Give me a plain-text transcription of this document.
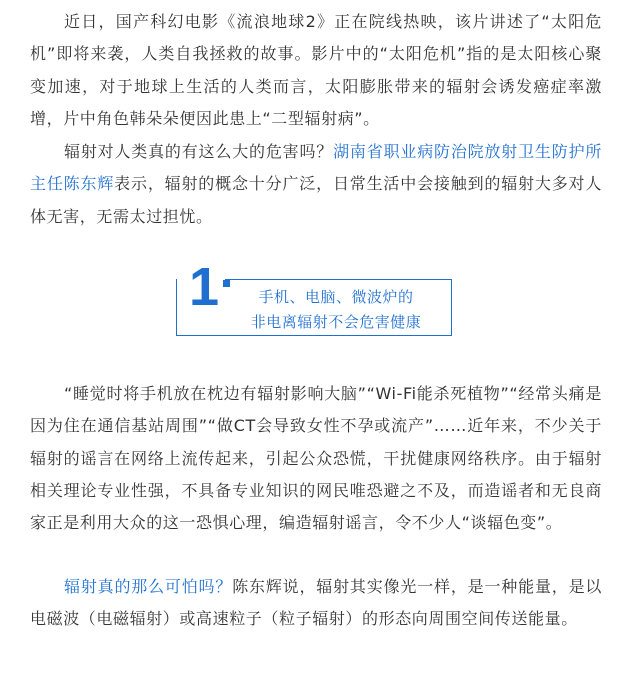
近日，国产科幻电影《流浪地球2》正在院线热映，该片讲述了“太阳危机”即将来袭，人类自我拯救的故事。影片中的“太阳危机”指的是太阳核心聚变加速，对于地球上生活的人类而言，太阳膨胀带来的辐射会诱发癌症率激增，片中角色韩朵朵便因此患上“二型辐射病”。

辐射对人类真的有这么大的危害吗？湖南省职业病防治院放射卫生防护所主任陈东辉表示，辐射的概念十分广泛，日常生活中会接触到的辐射大多对人体无害，无需太过担忧。

1	手机、电脑、微波炉的
非电离辐射不会危害健康

“睡觉时将手机放在枕边有辐射影响大脑”“Wi-Fi能杀死植物”“经常头痛是因为住在通信基站周围”“做CT会导致女性不孕或流产”……近年来，不少关于辐射的谣言在网络上流传起来，引起公众恐慌，干扰健康网络秩序。由于辐射相关理论专业性强，不具备专业知识的网民唯恐避之不及，而造谣者和无良商家正是利用大众的这一恐惧心理，编造辐射谣言，令不少人“谈辐色变”。

辐射真的那么可怕吗？陈东辉说，辐射其实像光一样，是一种能量，是以电磁波（电磁辐射）或高速粒子（粒子辐射）的形态向周围空间传送能量。
